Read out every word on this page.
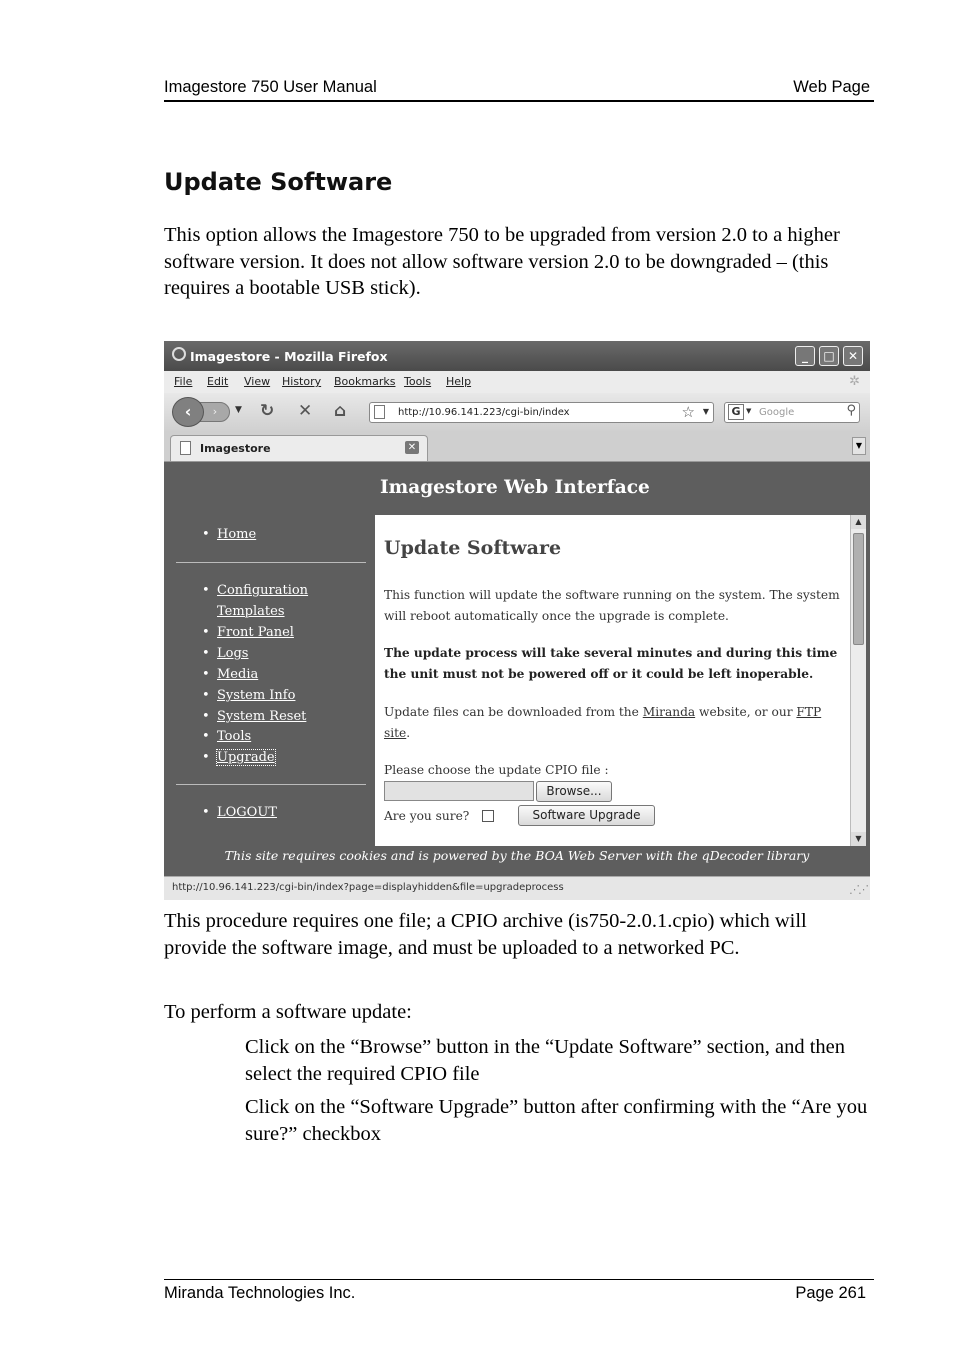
Imagestore 750 User Manual	Web Page
Update Software

This option allows the Imagestore 750 to be upgraded from version 2.0 to a higher software version. It does not allow software version 2.0 to be downgraded – (this requires a bootable USB stick).

Imagestore - Mozilla Firefox	_	□	✕
File Edit View History Bookmarks Tools Help	✲
›
‹	▼ ↻ ✕ ⌂	http://10.96.141.223/cgi-bin/index	☆ ▼	G ▼ Google	⚲
Imagestore	✕	▼
Imagestore Web Interface
• Home
• Configuration
Templates
• Front Panel
• Logs
• Media
• System Info
• System Reset
• Tools
• Upgrade
• LOGOUT
Update Software
This function will update the software running on the system. The system will reboot automatically once the upgrade is complete.
The update process will take several minutes and during this time the unit must not be powered off or it could be left inoperable.
Update files can be downloaded from the Miranda website, or our FTP site.
Please choose the update CPIO file :
Browse...
Are you sure?	Software Upgrade
▲
▼
This site requires cookies and is powered by the BOA Web Server with the qDecoder library
http://10.96.141.223/cgi-bin/index?page=displayhidden&file=upgradeprocess	⋰⋰

This procedure requires one file; a CPIO archive (is750-2.0.1.cpio) which will provide the software image, and must be uploaded to a networked PC.

To perform a software update:

Click on the “Browse” button in the “Update Software” section, and then select the required CPIO file

Click on the “Software Upgrade” button after confirming with the “Are you sure?” checkbox

Miranda Technologies Inc.	Page 261
